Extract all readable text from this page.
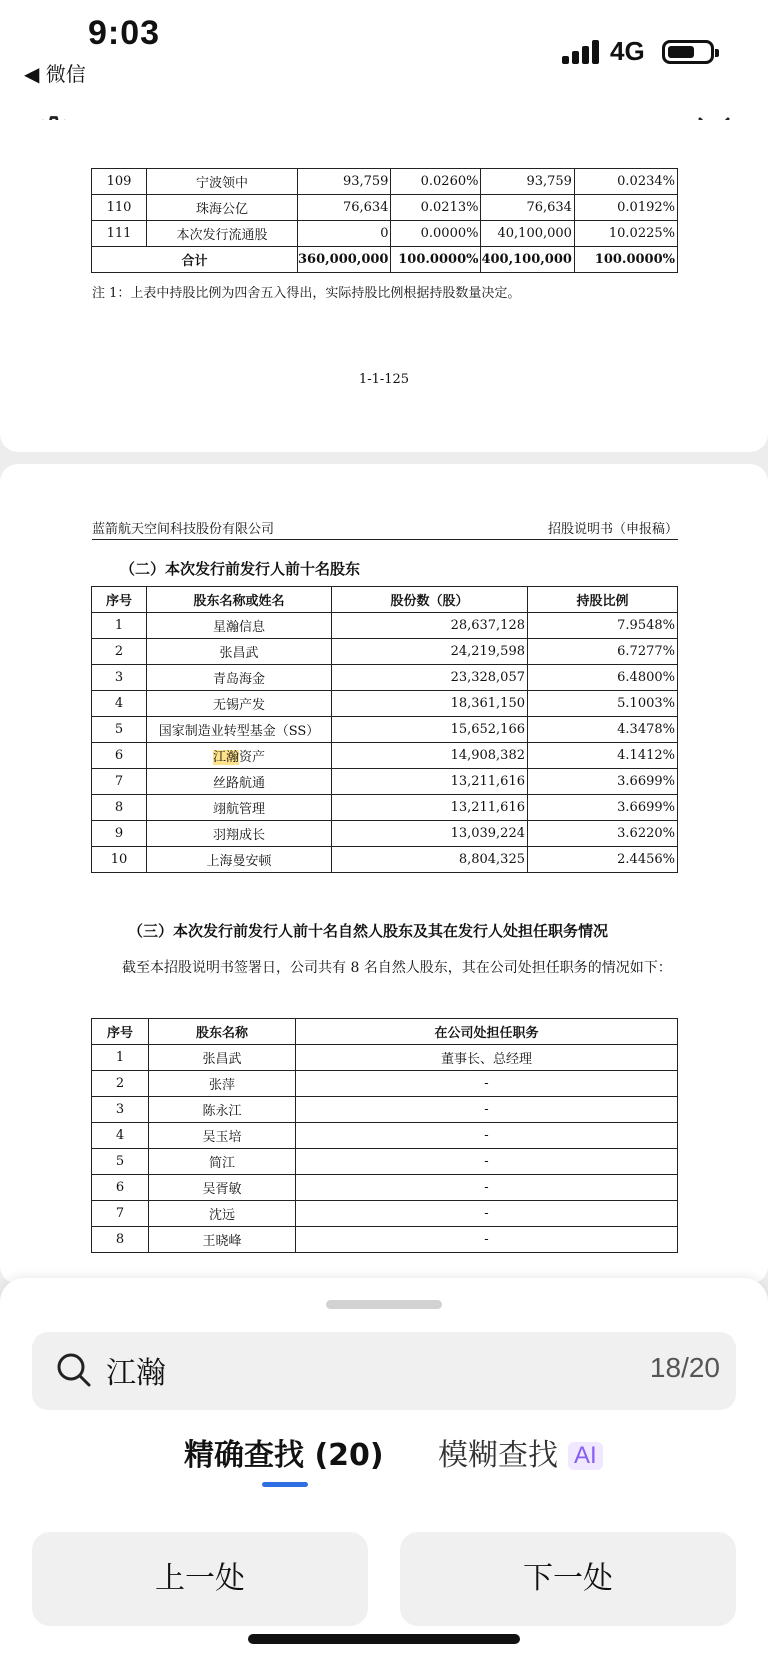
9:03
◀ 微信
4G
109	宁波领中	93,759	0.0260%	93,759	0.0234%
110	珠海公亿	76,634	0.0213%	76,634	0.0192%
111	本次发行流通股	0	0.0000%	40,100,000	10.0225%
合计		360,000,000	100.0000%	400,100,000	100.0000%
注 1：上表中持股比例为四舍五入得出，实际持股比例根据持股数量决定。
1-1-125
蓝箭航天空间科技股份有限公司	招股说明书（申报稿）
（二）本次发行前发行人前十名股东
序号	股东名称或姓名	股份数（股）	持股比例
1	星瀚信息	28,637,128	7.9548%
2	张昌武	24,219,598	6.7277%
3	青岛海金	23,328,057	6.4800%
4	无锡产发	18,361,150	5.1003%
5	国家制造业转型基金（SS）	15,652,166	4.3478%
6	江瀚资产	14,908,382	4.1412%
7	丝路航通	13,211,616	3.6699%
8	翊航管理	13,211,616	3.6699%
9	羽翔成长	13,039,224	3.6220%
10	上海曼安顿	8,804,325	2.4456%
（三）本次发行前发行人前十名自然人股东及其在发行人处担任职务情况
截至本招股说明书签署日，公司共有 8 名自然人股东，其在公司处担任职务的情况如下：
序号	股东名称	在公司处担任职务
1	张昌武	董事长、总经理
2	张萍	-
3	陈永江	-
4	吴玉培	-
5	简江	-
6	吴胥敏	-
7	沈远	-
8	王晓峰	-
江瀚
18/20
精确查找 (20) 模糊查找 AI
上一处	下一处
